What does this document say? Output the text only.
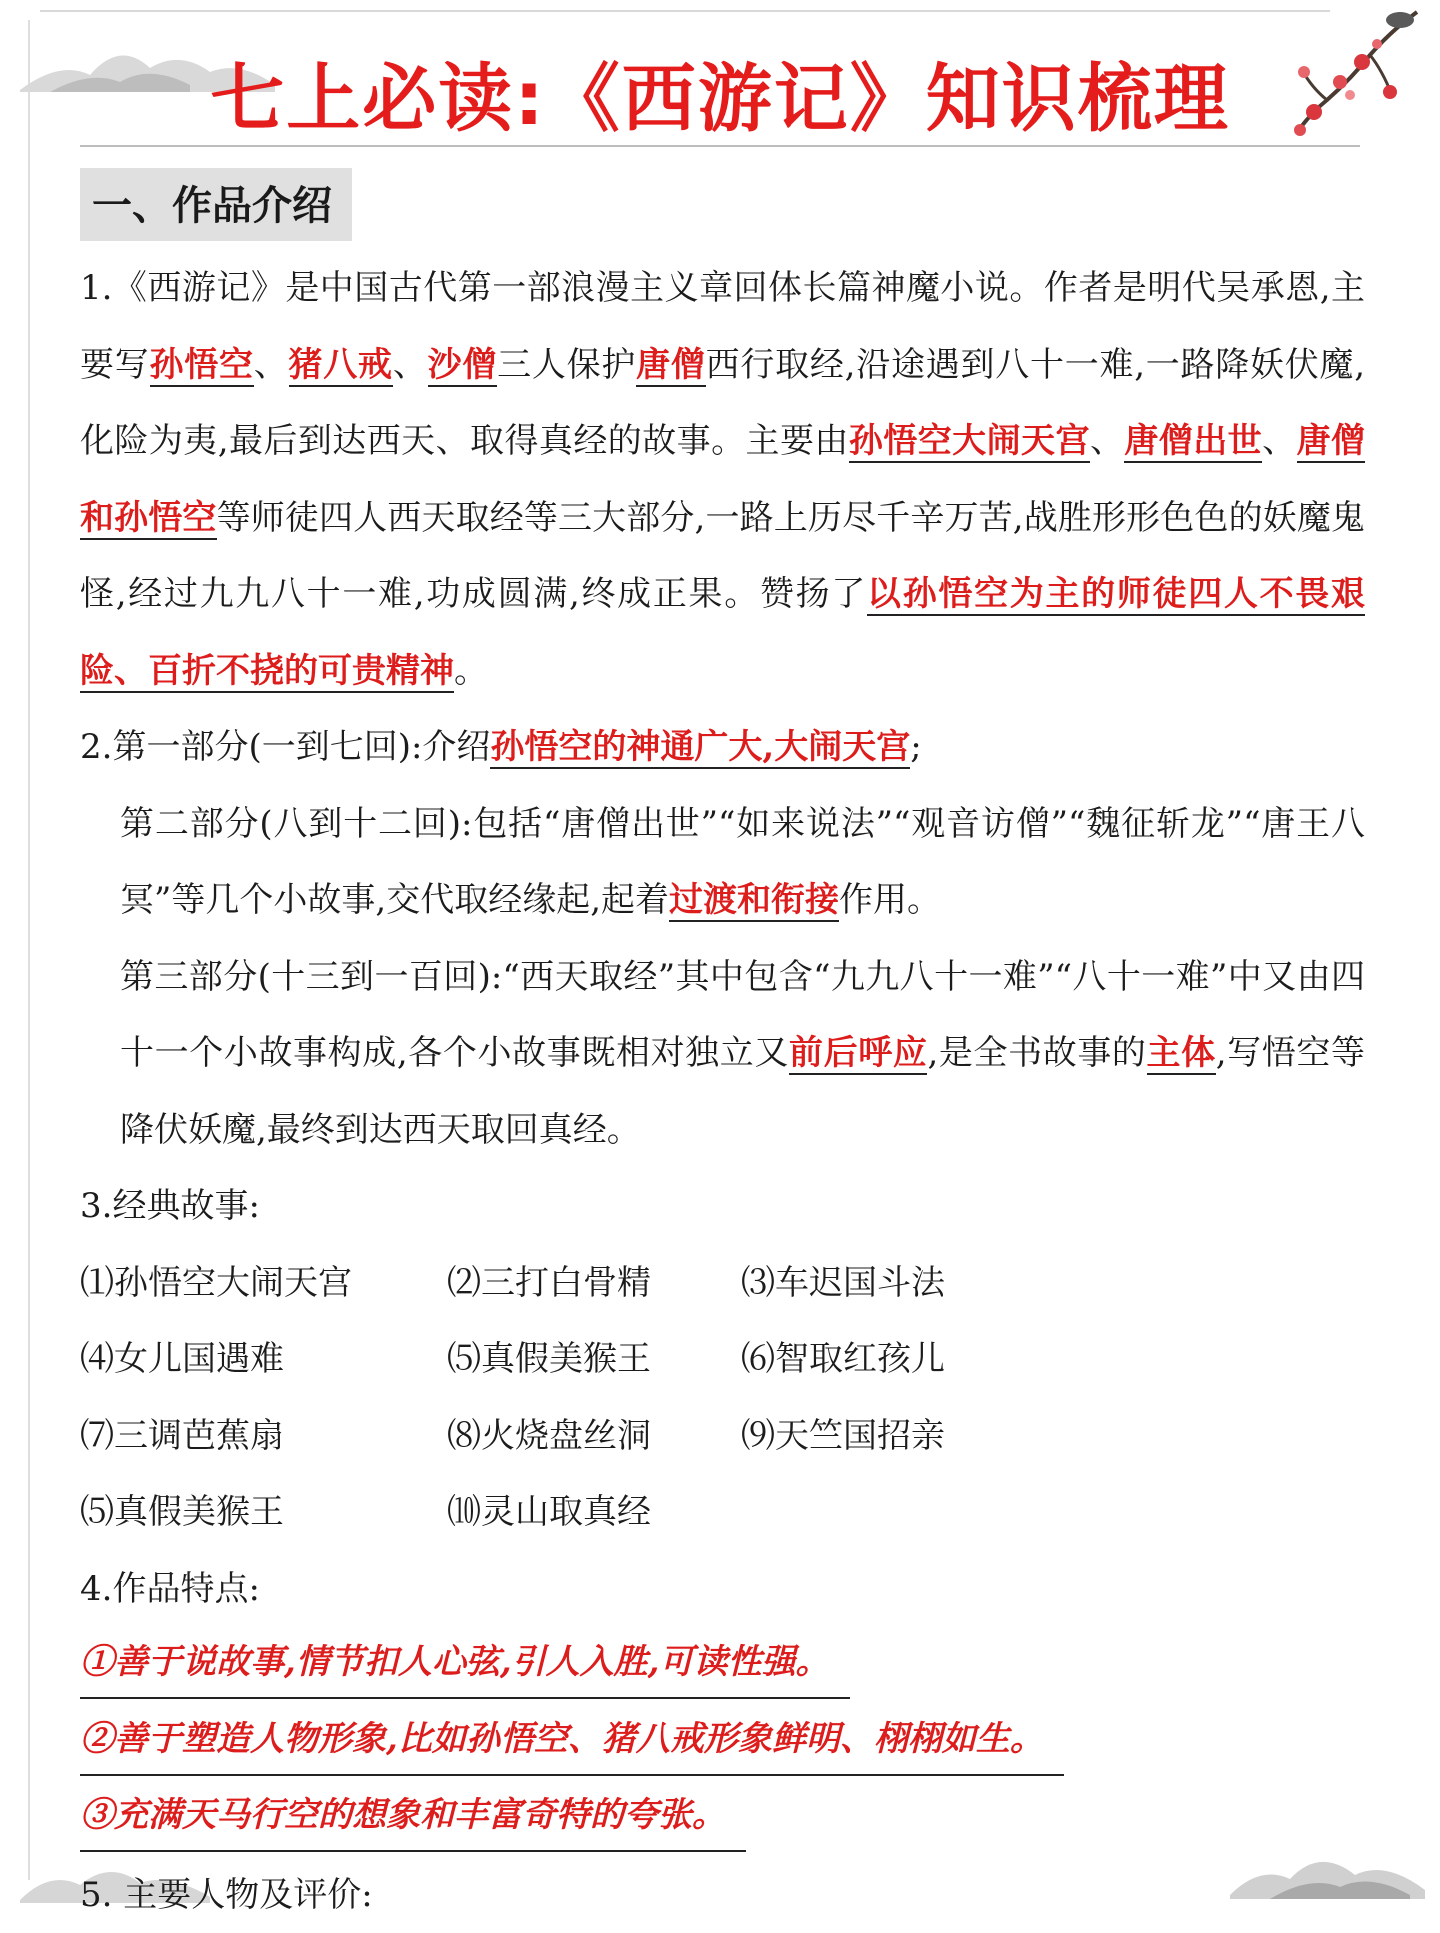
七上必读:《西游记》知识梳理
一、作品介绍

1.《西游记》是中国古代第一部浪漫主义章回体长篇神魔小说。作者是明代吴承恩,主要写孙悟空、猪八戒、沙僧三人保护唐僧西行取经,沿途遇到八十一难,一路降妖伏魔,化险为夷,最后到达西天、取得真经的故事。主要由孙悟空大闹天宫、唐僧出世、唐僧和孙悟空等师徒四人西天取经等三大部分,一路上历尽千辛万苦,战胜形形色色的妖魔鬼怪,经过九九八十一难,功成圆满,终成正果。赞扬了以孙悟空为主的师徒四人不畏艰险、百折不挠的可贵精神。

2.第一部分(一到七回):介绍孙悟空的神通广大,大闹天宫;

第二部分(八到十二回):包括“唐僧出世”“如来说法”“观音访僧”“魏征斩龙”“唐王八冥”等几个小故事,交代取经缘起,起着过渡和衔接作用。

第三部分(十三到一百回):“西天取经”其中包含“九九八十一难”“八十一难”中又由四十一个小故事构成,各个小故事既相对独立又前后呼应,是全书故事的主体,写悟空等降伏妖魔,最终到达西天取回真经。

3.经典故事:

⑴孙悟空大闹天宫	⑵三打白骨精	⑶车迟国斗法
⑷女儿国遇难	⑸真假美猴王	⑹智取红孩儿
⑺三调芭蕉扇	⑻火烧盘丝洞	⑼天竺国招亲
⑸真假美猴王	⑽灵山取真经

4.作品特点:

①善于说故事,情节扣人心弦,引人入胜,可读性强。
②善于塑造人物形象,比如孙悟空、猪八戒形象鲜明、栩栩如生。
③充满天马行空的想象和丰富奇特的夸张。

5. 主要人物及评价:
